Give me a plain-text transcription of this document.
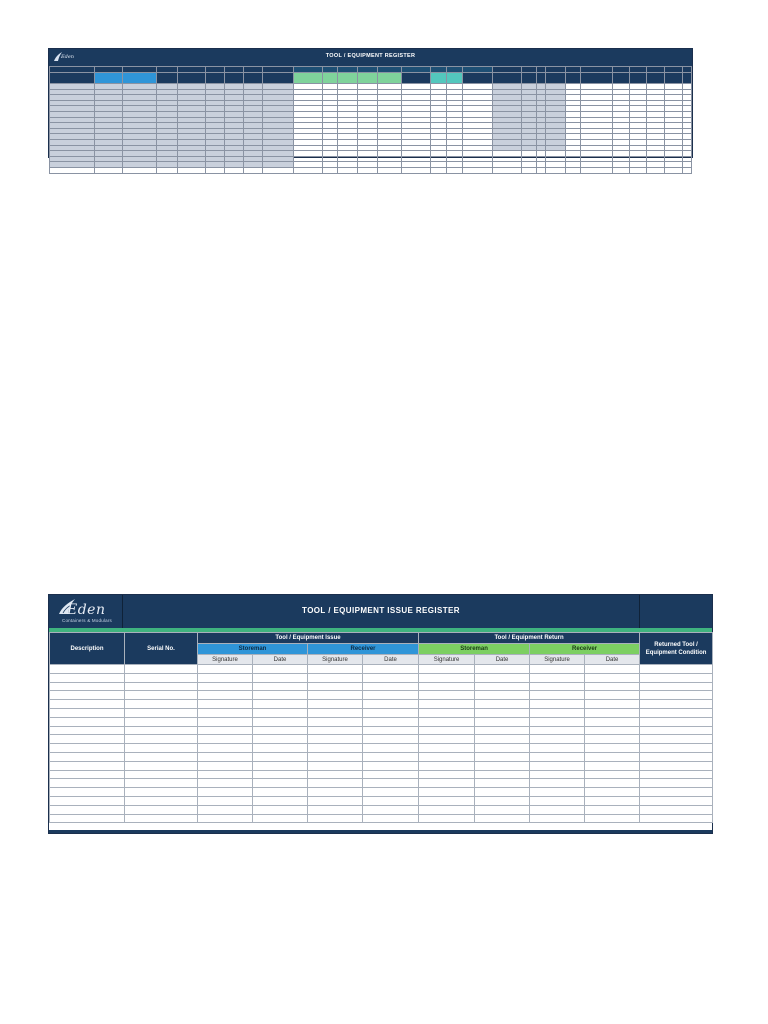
Eden	TOOL / EQUIPMENT REGISTER

Eden
Containers & Modulars
TOOL / EQUIPMENT ISSUE REGISTER
Description	Serial No.	Tool / Equipment Issue				Tool / Equipment Return				Returned Tool / Equipment Condition
		Storeman		Receiver		Storeman		Receiver		
		Signature	Date	Signature	Date	Signature	Date	Signature	Date	
